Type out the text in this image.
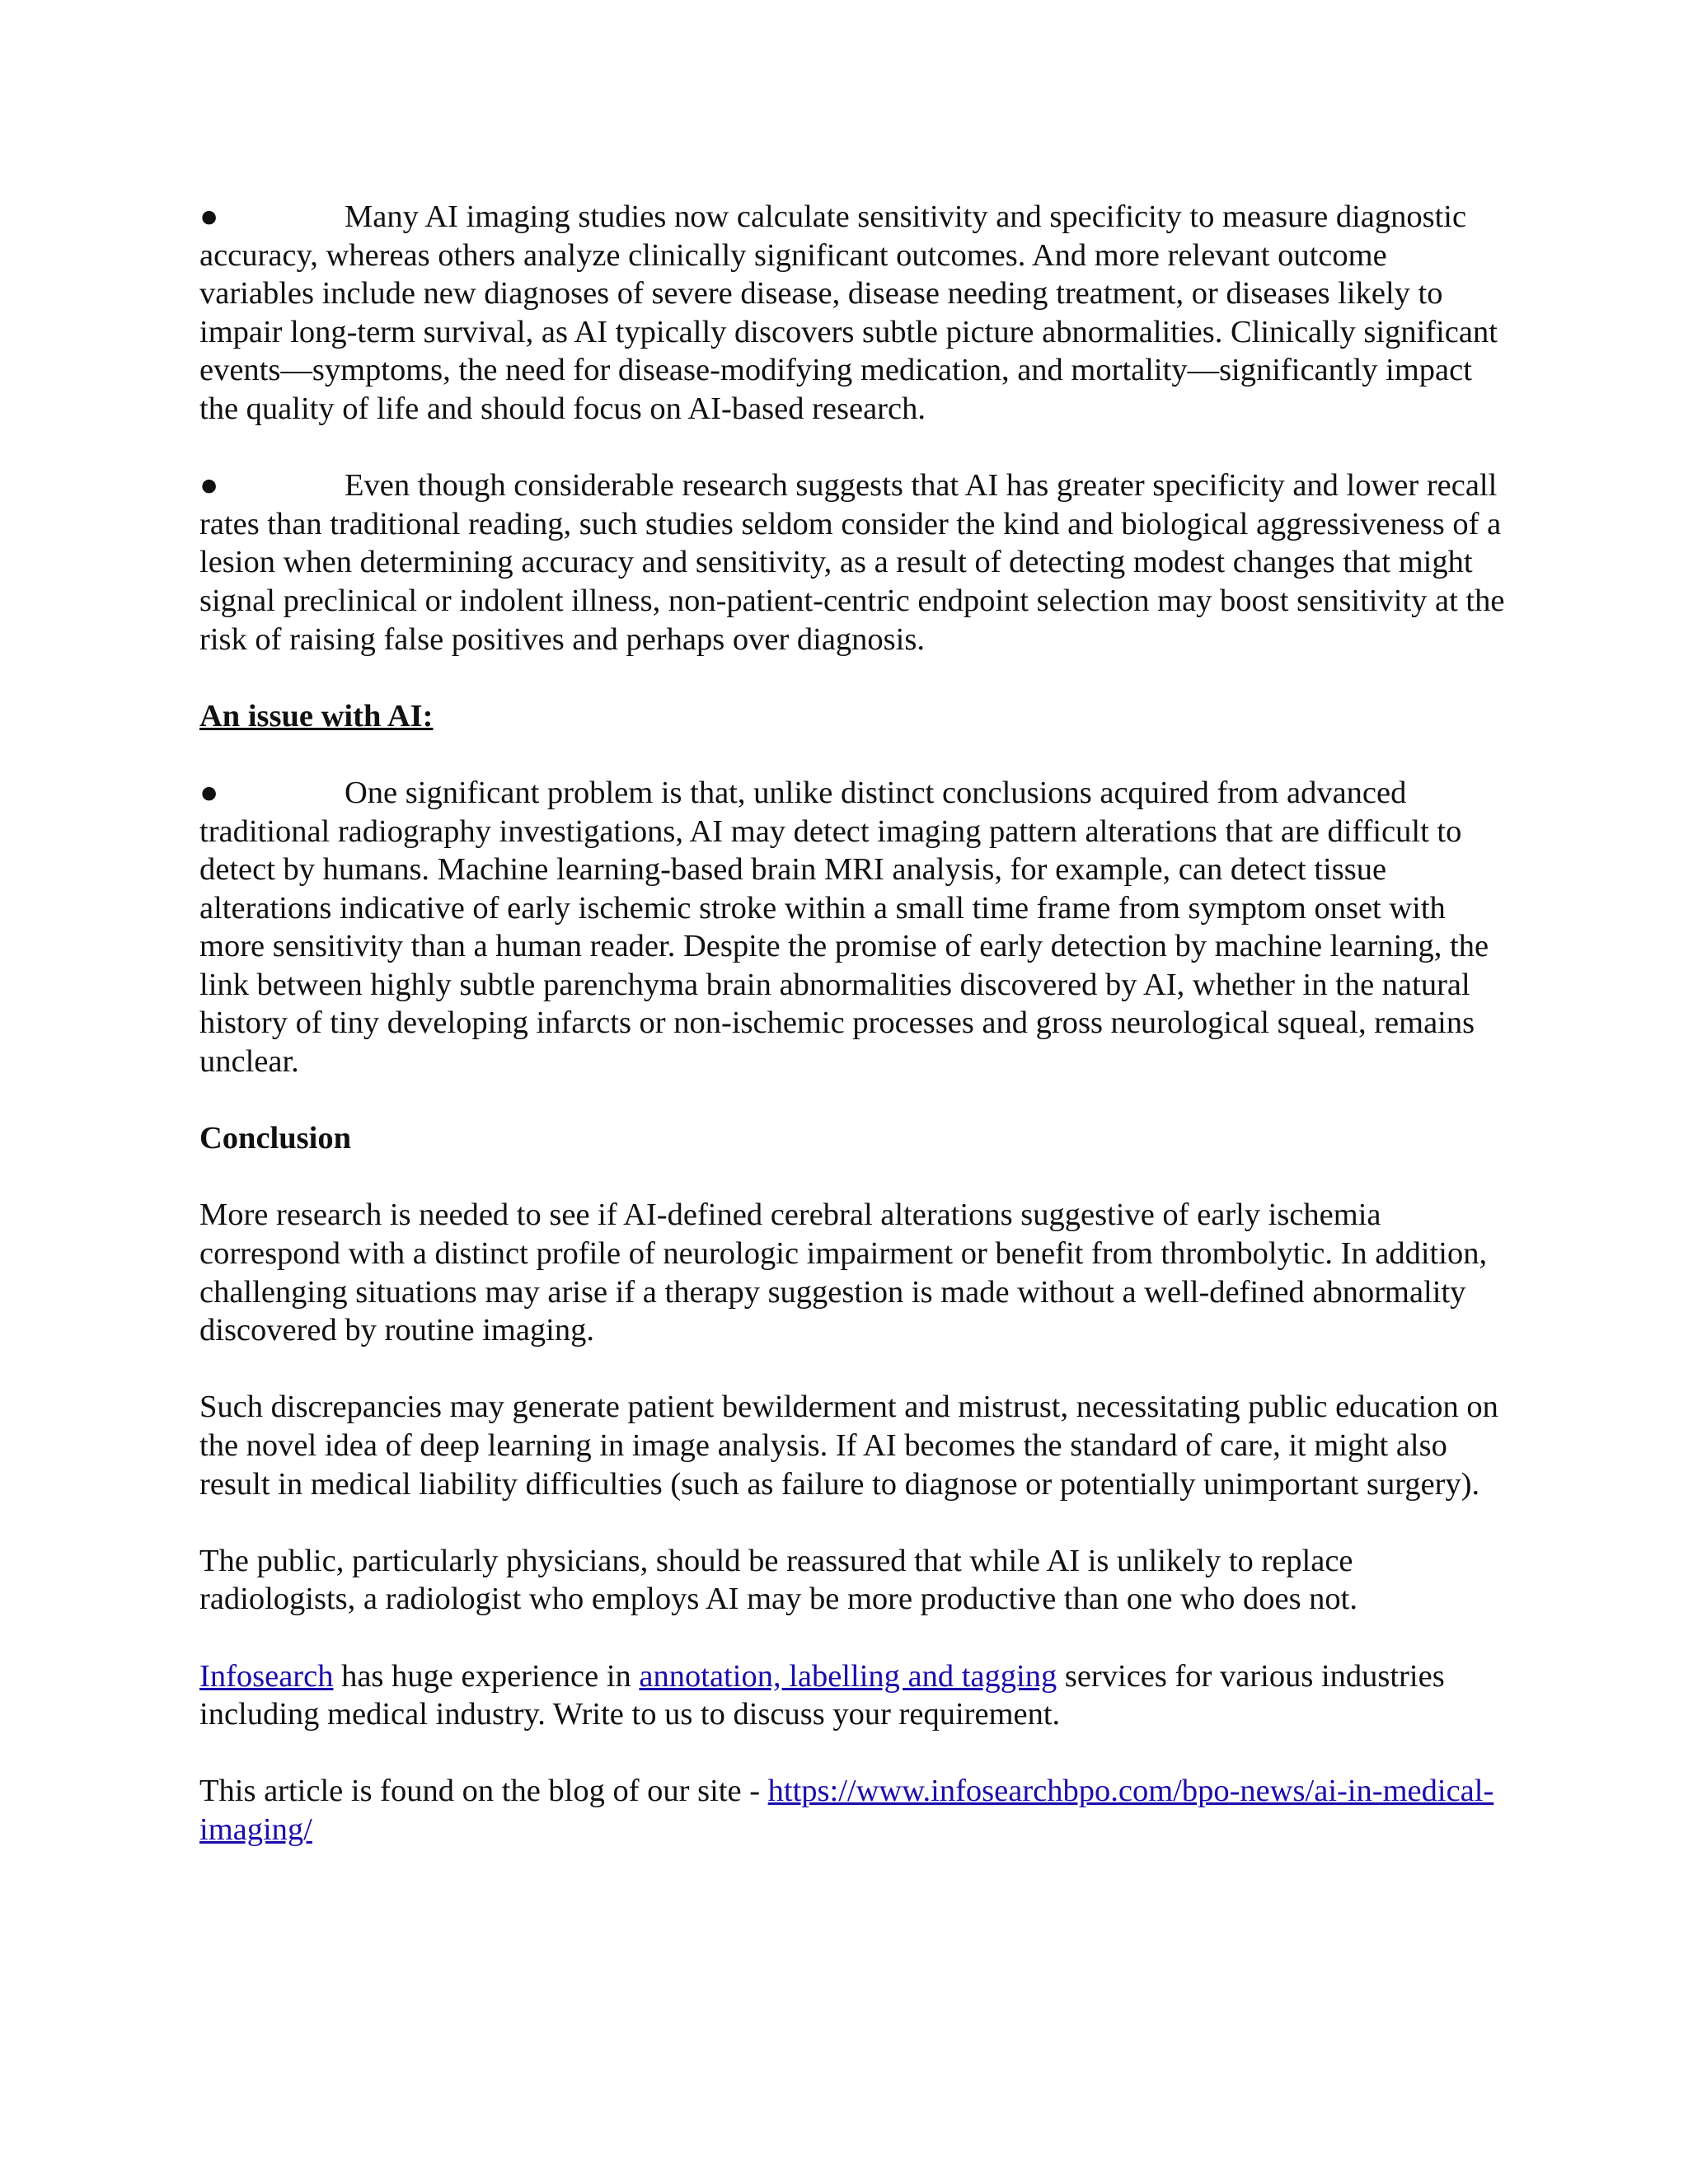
●	Many AI imaging studies now calculate sensitivity and specificity to measure diagnostic accuracy, whereas others analyze clinically significant outcomes. And more relevant outcome variables include new diagnoses of severe disease, disease needing treatment, or diseases likely to impair long-term survival, as AI typically discovers subtle picture abnormalities. Clinically significant events—symptoms, the need for disease-modifying medication, and mortality—significantly impact the quality of life and should focus on AI-based research.
●	Even though considerable research suggests that AI has greater specificity and lower recall rates than traditional reading, such studies seldom consider the kind and biological aggressiveness of a lesion when determining accuracy and sensitivity, as a result of detecting modest changes that might signal preclinical or indolent illness, non-patient-centric endpoint selection may boost sensitivity at the risk of raising false positives and perhaps over diagnosis.
An issue with AI:
●	One significant problem is that, unlike distinct conclusions acquired from advanced traditional radiography investigations, AI may detect imaging pattern alterations that are difficult to detect by humans. Machine learning-based brain MRI analysis, for example, can detect tissue alterations indicative of early ischemic stroke within a small time frame from symptom onset with more sensitivity than a human reader. Despite the promise of early detection by machine learning, the link between highly subtle parenchyma brain abnormalities discovered by AI, whether in the natural history of tiny developing infarcts or non-ischemic processes and gross neurological squeal, remains unclear.
Conclusion

More research is needed to see if AI-defined cerebral alterations suggestive of early ischemia correspond with a distinct profile of neurologic impairment or benefit from thrombolytic. In addition, challenging situations may arise if a therapy suggestion is made without a well-defined abnormality discovered by routine imaging.

Such discrepancies may generate patient bewilderment and mistrust, necessitating public education on the novel idea of deep learning in image analysis. If AI becomes the standard of care, it might also result in medical liability difficulties (such as failure to diagnose or potentially unimportant surgery).

The public, particularly physicians, should be reassured that while AI is unlikely to replace radiologists, a radiologist who employs AI may be more productive than one who does not.

Infosearch has huge experience in annotation, labelling and tagging services for various industries including medical industry. Write to us to discuss your requirement.

This article is found on the blog of our site - https://www.infosearchbpo.com/bpo-news/ai-in-medical-imaging/
